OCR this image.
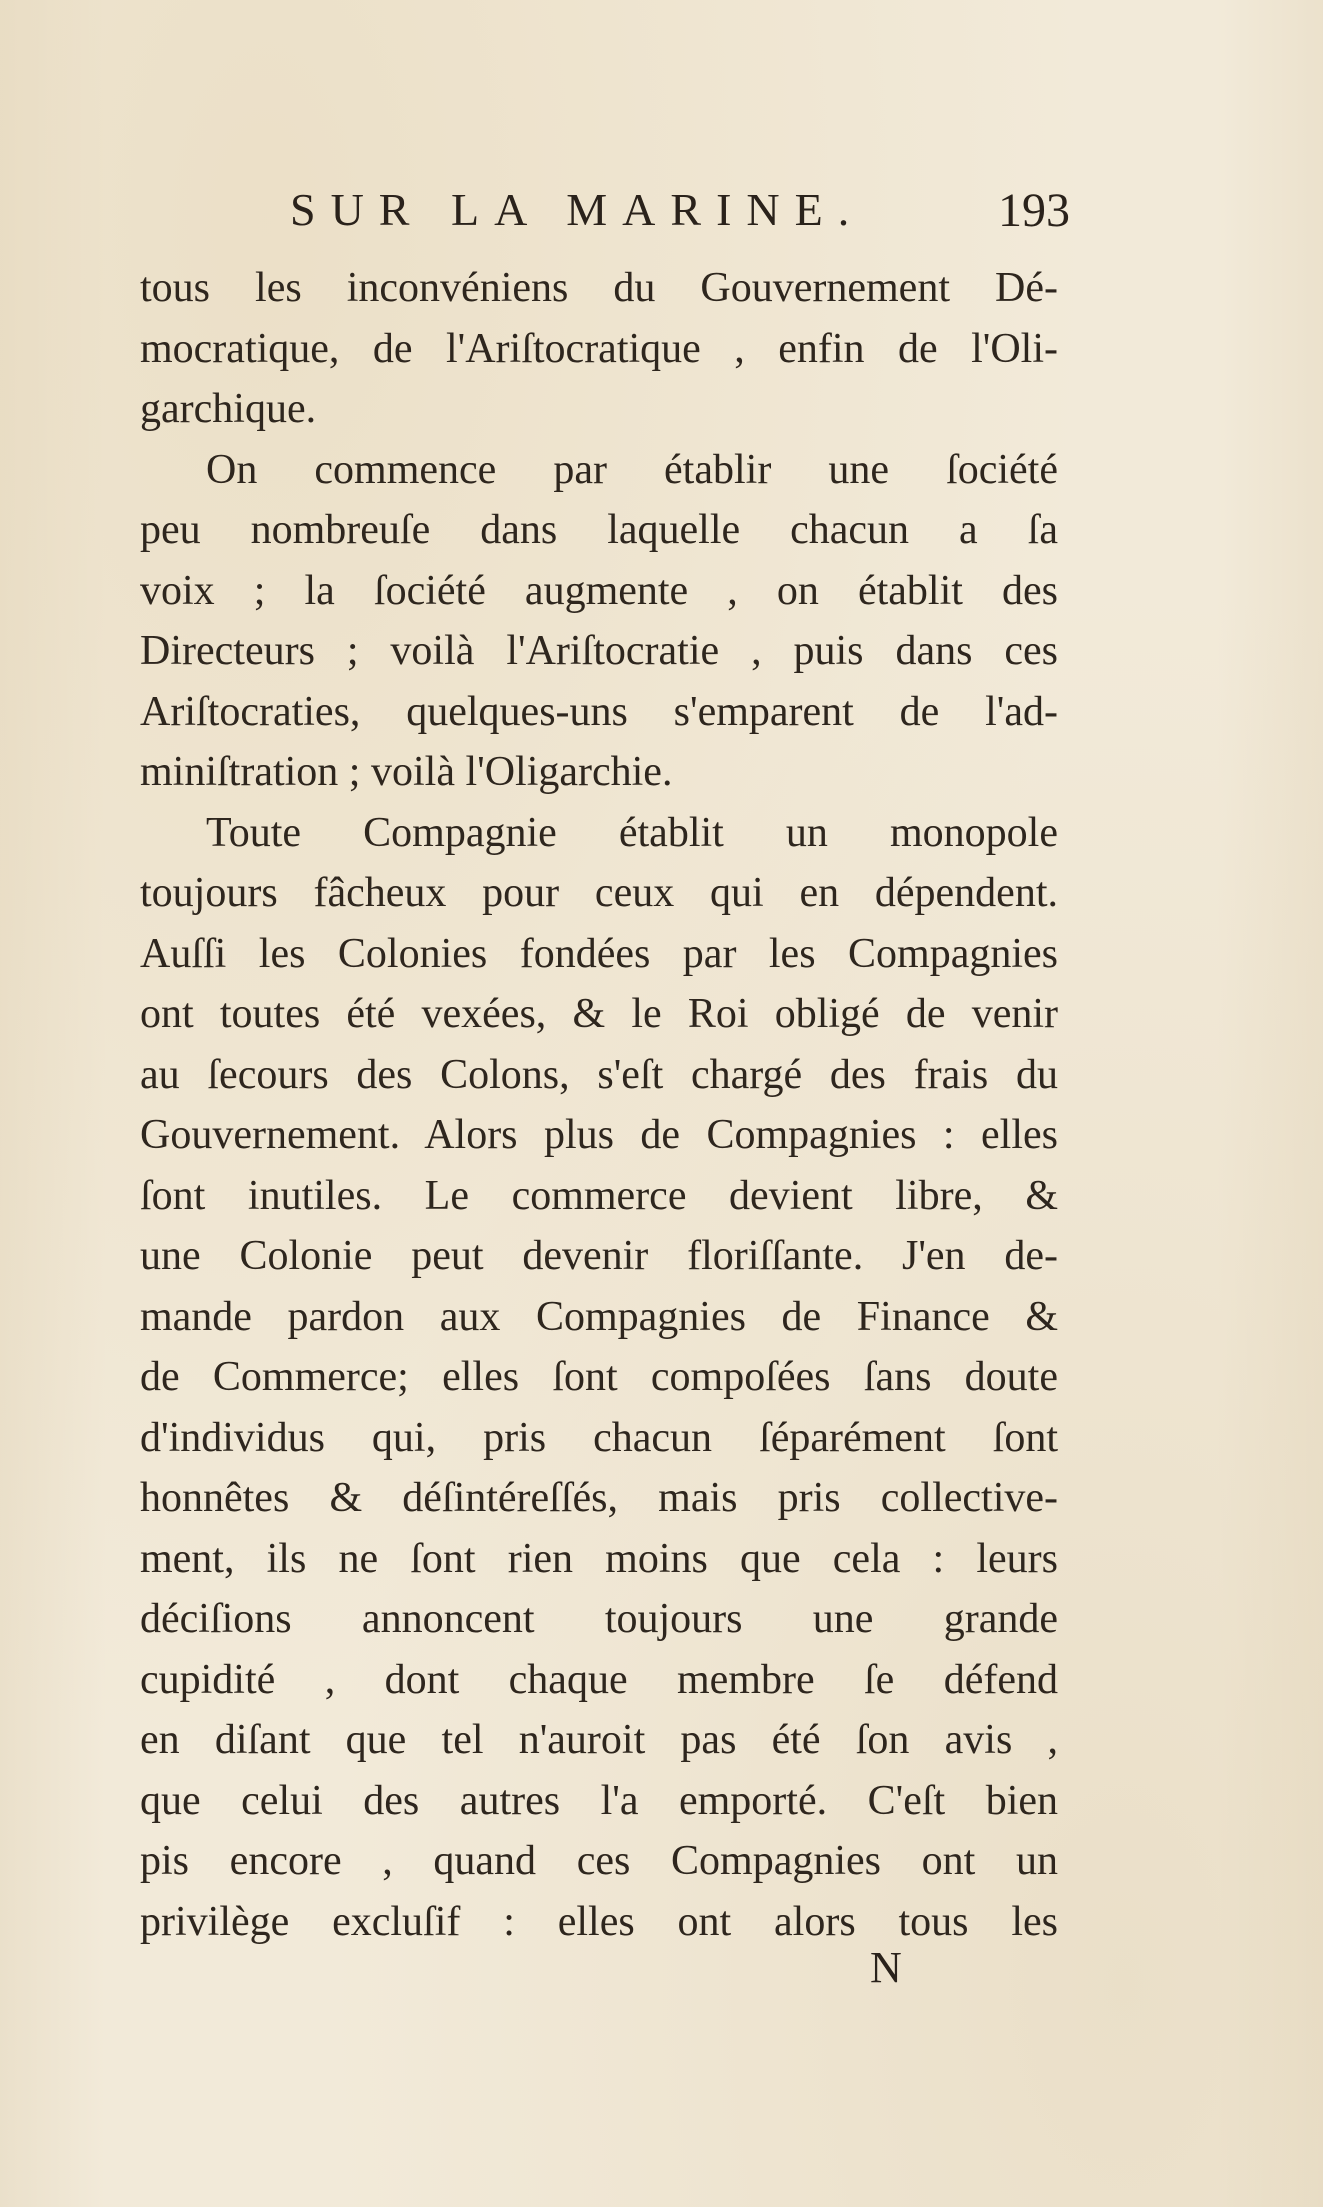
SUR LA MARINE.	193
tous les inconvéniens du Gouvernement Dé-
mocratique, de l'Ariſtocratique , enfin de l'Oli-
garchique.
On commence par établir une ſociété
peu nombreuſe dans laquelle chacun a ſa
voix ; la ſociété augmente , on établit des
Directeurs ; voilà l'Ariſtocratie , puis dans ces
Ariſtocraties, quelques-uns s'emparent de l'ad-
miniſtration ; voilà l'Oligarchie.
Toute Compagnie établit un monopole
toujours fâcheux pour ceux qui en dépendent.
Auſſi les Colonies fondées par les Compagnies
ont toutes été vexées, & le Roi obligé de venir
au ſecours des Colons, s'eſt chargé des frais du
Gouvernement. Alors plus de Compagnies : elles
ſont inutiles. Le commerce devient libre, &
une Colonie peut devenir floriſſante. J'en de-
mande pardon aux Compagnies de Finance &
de Commerce; elles ſont compoſées ſans doute
d'individus qui, pris chacun ſéparément ſont
honnêtes & déſintéreſſés, mais pris collective-
ment, ils ne ſont rien moins que cela : leurs
déciſions annoncent toujours une grande
cupidité , dont chaque membre ſe défend
en diſant que tel n'auroit pas été ſon avis ,
que celui des autres l'a emporté. C'eſt bien
pis encore , quand ces Compagnies ont un
privilège excluſif : elles ont alors tous les
N
